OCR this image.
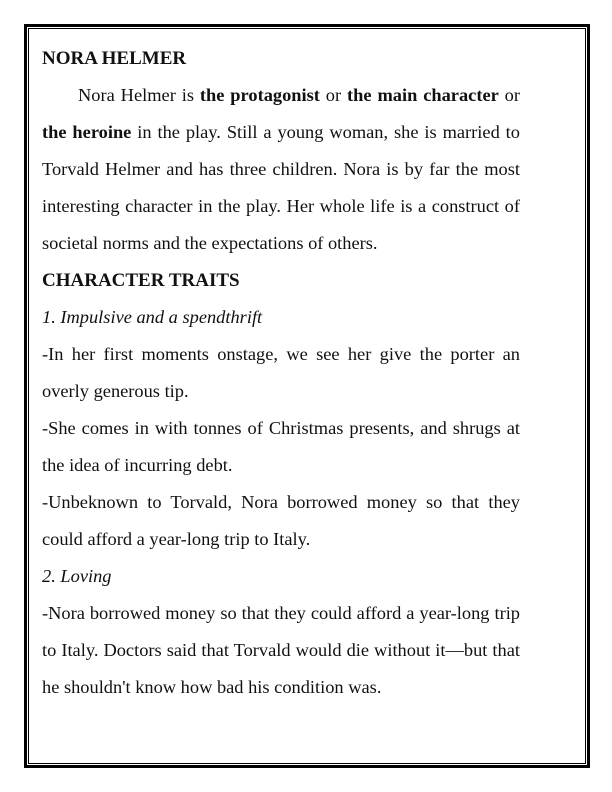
NORA HELMER

Nora Helmer is the protagonist or the main character or the heroine in the play. Still a young woman, she is married to Torvald Helmer and has three children. Nora is by far the most interesting character in the play. Her whole life is a construct of societal norms and the expectations of others.

CHARACTER TRAITS

1. Impulsive and a spendthrift

-In her first moments onstage, we see her give the porter an overly generous tip.

-She comes in with tonnes of Christmas presents, and shrugs at the idea of incurring debt.

-Unbeknown to Torvald, Nora borrowed money so that they could afford a year-long trip to Italy.

2. Loving

-Nora borrowed money so that they could afford a year-long trip to Italy. Doctors said that Torvald would die without it—but that he shouldn't know how bad his condition was.
